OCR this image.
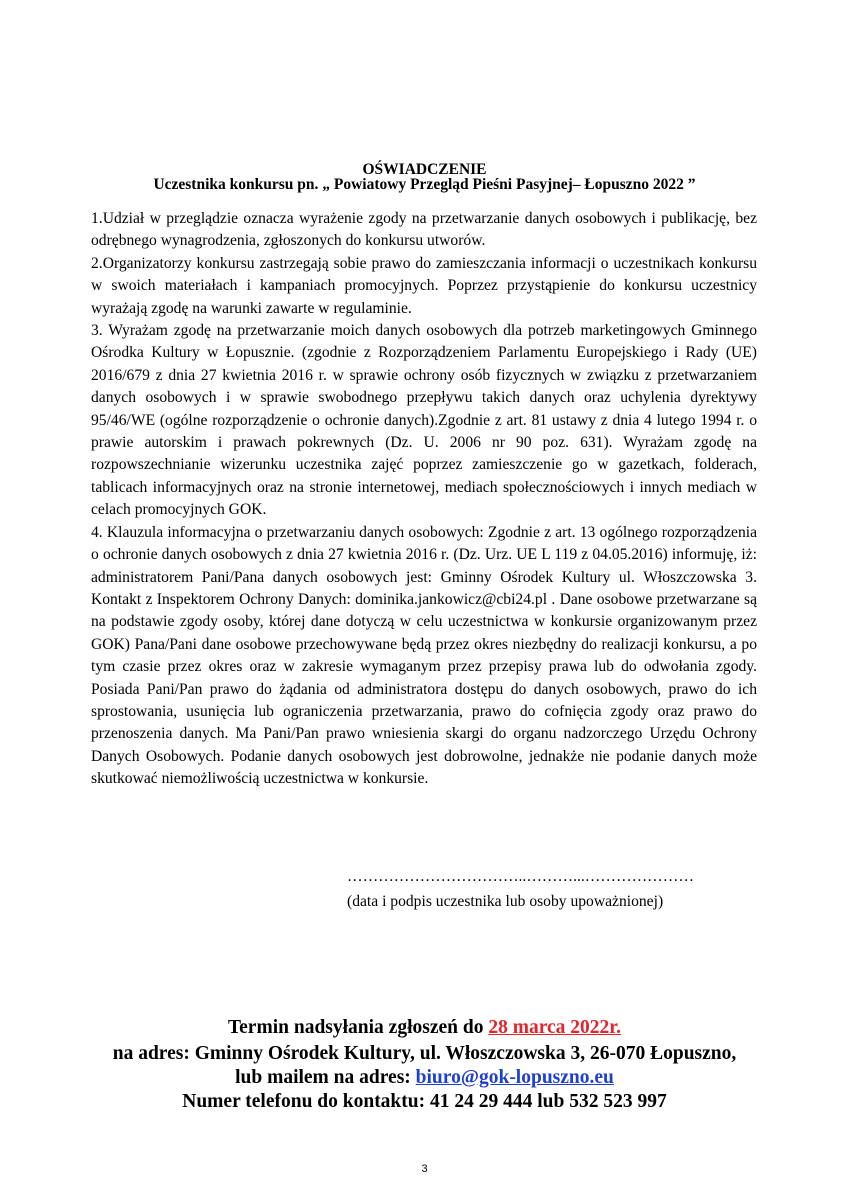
OŚWIADCZENIE
Uczestnika konkursu pn. „ Powiatowy Przegląd Pieśni Pasyjnej– Łopuszno 2022 ”

1.Udział w przeglądzie oznacza wyrażenie zgody na przetwarzanie danych osobowych i publikację, bez odrębnego wynagrodzenia, zgłoszonych do konkursu utworów.

2.Organizatorzy konkursu zastrzegają sobie prawo do zamieszczania informacji o uczestnikach konkursu w swoich materiałach i kampaniach promocyjnych. Poprzez przystąpienie do konkursu uczestnicy wyrażają zgodę na warunki zawarte w regulaminie.

3. Wyrażam zgodę na przetwarzanie moich danych osobowych dla potrzeb marketingowych Gminnego Ośrodka Kultury w Łopusznie. (zgodnie z Rozporządzeniem Parlamentu Europejskiego i Rady (UE) 2016/679 z dnia 27 kwietnia 2016 r. w sprawie ochrony osób fizycznych w związku z przetwarzaniem danych osobowych i w sprawie swobodnego przepływu takich danych oraz uchylenia dyrektywy 95/46/WE (ogólne rozporządzenie o ochronie danych).Zgodnie z art. 81 ustawy z dnia 4 lutego 1994 r. o prawie autorskim i prawach pokrewnych (Dz. U. 2006 nr 90 poz. 631). Wyrażam zgodę na rozpowszechnianie wizerunku uczestnika zajęć poprzez zamieszczenie go w gazetkach, folderach, tablicach informacyjnych oraz na stronie internetowej, mediach społecznościowych i innych mediach w celach promocyjnych GOK.

4. Klauzula informacyjna o przetwarzaniu danych osobowych: Zgodnie z art. 13 ogólnego rozporządzenia o ochronie danych osobowych z dnia 27 kwietnia 2016 r. (Dz. Urz. UE L 119 z 04.05.2016) informuję, iż: administratorem Pani/Pana danych osobowych jest: Gminny Ośrodek Kultury ul. Włoszczowska 3. Kontakt z Inspektorem Ochrony Danych: dominika.jankowicz@cbi24.pl . Dane osobowe przetwarzane są na podstawie zgody osoby, której dane dotyczą w celu uczestnictwa w konkursie organizowanym przez GOK) Pana/Pani dane osobowe przechowywane będą przez okres niezbędny do realizacji konkursu, a po tym czasie przez okres oraz w zakresie wymaganym przez przepisy prawa lub do odwołania zgody. Posiada Pani/Pan prawo do żądania od administratora dostępu do danych osobowych, prawo do ich sprostowania, usunięcia lub ograniczenia przetwarzania, prawo do cofnięcia zgody oraz prawo do przenoszenia danych. Ma Pani/Pan prawo wniesienia skargi do organu nadzorczego Urzędu Ochrony Danych Osobowych. Podanie danych osobowych jest dobrowolne, jednakże nie podanie danych może skutkować niemożliwością uczestnictwa w konkursie.

……………………………..………...…………………
(data i podpis uczestnika lub osoby upoważnionej)
Termin nadsyłania zgłoszeń do 28 marca 2022r.
na adres: Gminny Ośrodek Kultury, ul. Włoszczowska 3, 26-070 Łopuszno,
lub mailem na adres: biuro@gok-lopuszno.eu
Numer telefonu do kontaktu: 41 24 29 444 lub 532 523 997
3
